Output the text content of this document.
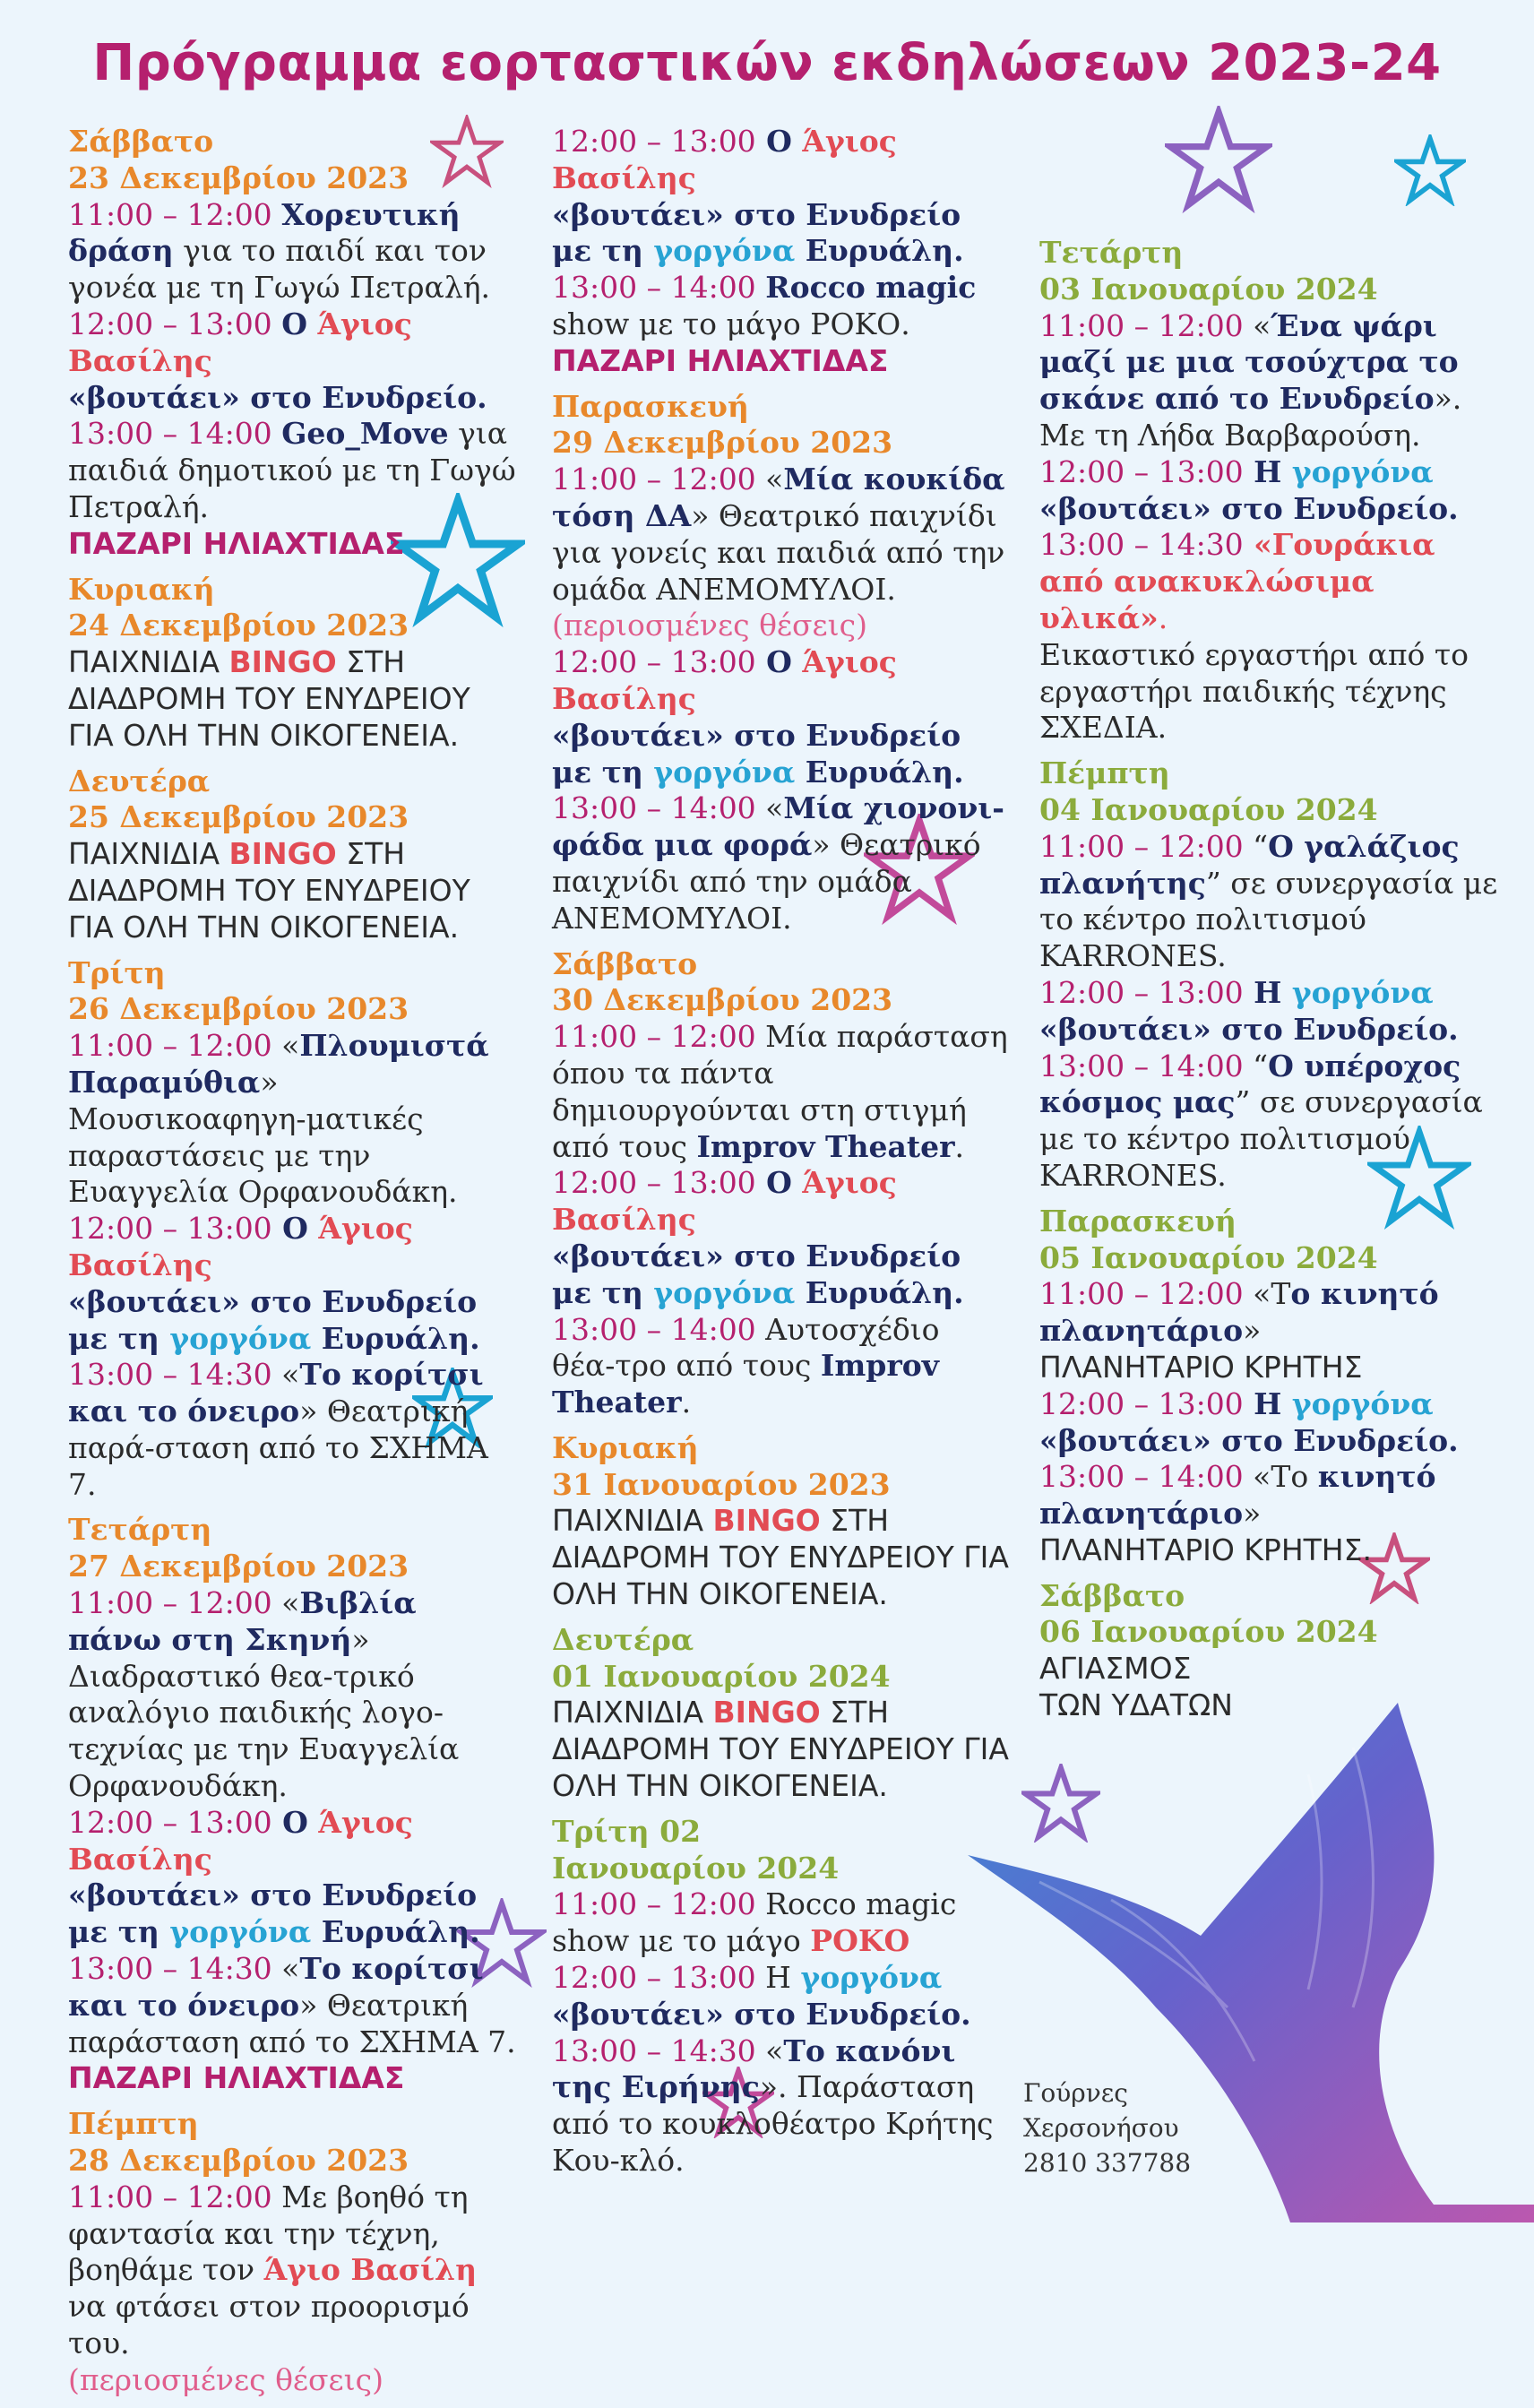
Πρόγραμμα εορταστικών εκδηλώσεων 2023-24
Σάββατο
23 Δεκεμβρίου 2023
11:00 – 12:00 Χορευτική δράση για το παιδί και τον γονέα με τη Γωγώ Πετραλή.
12:00 – 13:00 Ο Άγιος Βασίλης
«βουτάει» στο Ενυδρείο.
13:00 – 14:00 Geo_Move για παιδιά δημοτικού με τη Γωγώ Πετραλή.
ΠΑΖΑΡΙ ΗΛΙΑΧΤΙΔΑΣ
Κυριακή
24 Δεκεμβρίου 2023
ΠΑΙΧΝΙΔΙΑ BINGO ΣΤΗ ΔΙΑΔΡΟΜΗ ΤΟΥ ΕΝΥΔΡΕΙΟΥ ΓΙΑ ΟΛΗ ΤΗΝ ΟΙΚΟΓΕΝΕΙΑ.
Δευτέρα
25 Δεκεμβρίου 2023
ΠΑΙΧΝΙΔΙΑ BINGO ΣΤΗ ΔΙΑΔΡΟΜΗ ΤΟΥ ΕΝΥΔΡΕΙΟΥ ΓΙΑ ΟΛΗ ΤΗΝ ΟΙΚΟΓΕΝΕΙΑ.
Τρίτη
26 Δεκεμβρίου 2023
11:00 – 12:00 «Πλουμιστά Παραμύθια» Μουσικοαφηγη-ματικές παραστάσεις με την Ευαγγελία Ορφανουδάκη.
12:00 – 13:00 Ο Άγιος Βασίλης
«βουτάει» στο Ενυδρείο με τη γοργόνα Ευρυάλη.
13:00 – 14:30 «Το κορίτσι και το όνειρο» Θεατρική παρά-σταση από το ΣΧΗΜΑ 7.
Τετάρτη
27 Δεκεμβρίου 2023
11:00 – 12:00 «Βιβλία πάνω στη Σκηνή» Διαδραστικό θεα-τρικό αναλόγιο παιδικής λογο-τεχνίας με την Ευαγγελία Ορφανουδάκη.
12:00 – 13:00 Ο Άγιος Βασίλης
«βουτάει» στο Ενυδρείο με τη γοργόνα Ευρυάλη.
13:00 – 14:30 «Το κορίτσι και το όνειρο» Θεατρική παράσταση από το ΣΧΗΜΑ 7.
ΠΑΖΑΡΙ ΗΛΙΑΧΤΙΔΑΣ
Πέμπτη
28 Δεκεμβρίου 2023
11:00 – 12:00 Με βοηθό τη φαντασία και την τέχνη, βοηθάμε τον Άγιο Βασίλη να φτάσει στον προορισμό του.
(περιοσμένες θέσεις)
12:00 – 13:00 Ο Άγιος Βασίλης
«βουτάει» στο Ενυδρείο με τη γοργόνα Ευρυάλη.
13:00 – 14:00 Rocco magic show με το μάγο ΡΟΚΟ.
ΠΑΖΑΡΙ ΗΛΙΑΧΤΙΔΑΣ
Παρασκευή
29 Δεκεμβρίου 2023
11:00 – 12:00 «Μία κουκίδα τόση ΔΑ» Θεατρικό παιχνίδι για γονείς και παιδιά από την ομάδα ΑΝΕΜΟΜΥΛΟΙ.
(περιοσμένες θέσεις)
12:00 – 13:00 Ο Άγιος Βασίλης
«βουτάει» στο Ενυδρείο με τη γοργόνα Ευρυάλη.
13:00 – 14:00 «Μία χιονονι-φάδα μια φορά» Θεατρικό παιχνίδι από την ομάδα ΑΝΕΜΟΜΥΛΟΙ.
Σάββατο
30 Δεκεμβρίου 2023
11:00 – 12:00 Μία παράσταση όπου τα πάντα δημιουργούνται στη στιγμή από τους Improv Theater.
12:00 – 13:00 Ο Άγιος Βασίλης
«βουτάει» στο Ενυδρείο με τη γοργόνα Ευρυάλη.
13:00 – 14:00 Αυτοσχέδιο θέα-τρο από τους Improv Theater.
Κυριακή
31 Ιανουαρίου 2023
ΠΑΙΧΝΙΔΙΑ BINGO ΣΤΗ ΔΙΑΔΡΟΜΗ ΤΟΥ ΕΝΥΔΡΕΙΟΥ ΓΙΑ ΟΛΗ ΤΗΝ ΟΙΚΟΓΕΝΕΙΑ.
Δευτέρα
01 Ιανουαρίου 2024
ΠΑΙΧΝΙΔΙΑ BINGO ΣΤΗ ΔΙΑΔΡΟΜΗ ΤΟΥ ΕΝΥΔΡΕΙΟΥ ΓΙΑ ΟΛΗ ΤΗΝ ΟΙΚΟΓΕΝΕΙΑ.
Τρίτη 02
Ιανουαρίου 2024
11:00 – 12:00 Rocco magic show με το μάγο ΡΟΚΟ
12:00 – 13:00 Η γοργόνα
«βουτάει» στο Ενυδρείο.
13:00 – 14:30 «Το κανόνι της Ειρήνης». Παράσταση από το κουκλοθέατρο Κρήτης Κου-κλό.
Τετάρτη
03 Ιανουαρίου 2024
11:00 – 12:00 «Ένα ψάρι μαζί με μια τσούχτρα το σκάνε από το Ενυδρείο». Με τη Λήδα Βαρβαρούση.
12:00 – 13:00 Η γοργόνα
«βουτάει» στο Ενυδρείο.
13:00 – 14:30 «Γουράκια από ανακυκλώσιμα υλικά».
Εικαστικό εργαστήρι από το εργαστήρι παιδικής τέχνης ΣΧΕΔΙΑ.
Πέμπτη
04 Ιανουαρίου 2024
11:00 – 12:00 “Ο γαλάζιος πλανήτης” σε συνεργασία με το κέντρο πολιτισμού KARRONES.
12:00 – 13:00 Η γοργόνα
«βουτάει» στο Ενυδρείο.
13:00 – 14:00 “Ο υπέροχος κόσμος μας” σε συνεργασία με το κέντρο πολιτισμού KARRONES.
Παρασκευή
05 Ιανουαρίου 2024
11:00 – 12:00 «Το κινητό πλανητάριο»
ΠΛΑΝΗΤΑΡΙΟ ΚΡΗΤΗΣ
12:00 – 13:00 Η γοργόνα
«βουτάει» στο Ενυδρείο.
13:00 – 14:00 «Το κινητό πλανητάριο»
ΠΛΑΝΗΤΑΡΙΟ ΚΡΗΤΗΣ.
Σάββατο
06 Ιανουαρίου 2024
ΑΓΙΑΣΜΟΣ
ΤΩΝ ΥΔΑΤΩΝ
Γούρνες
Χερσονήσου
2810 337788
